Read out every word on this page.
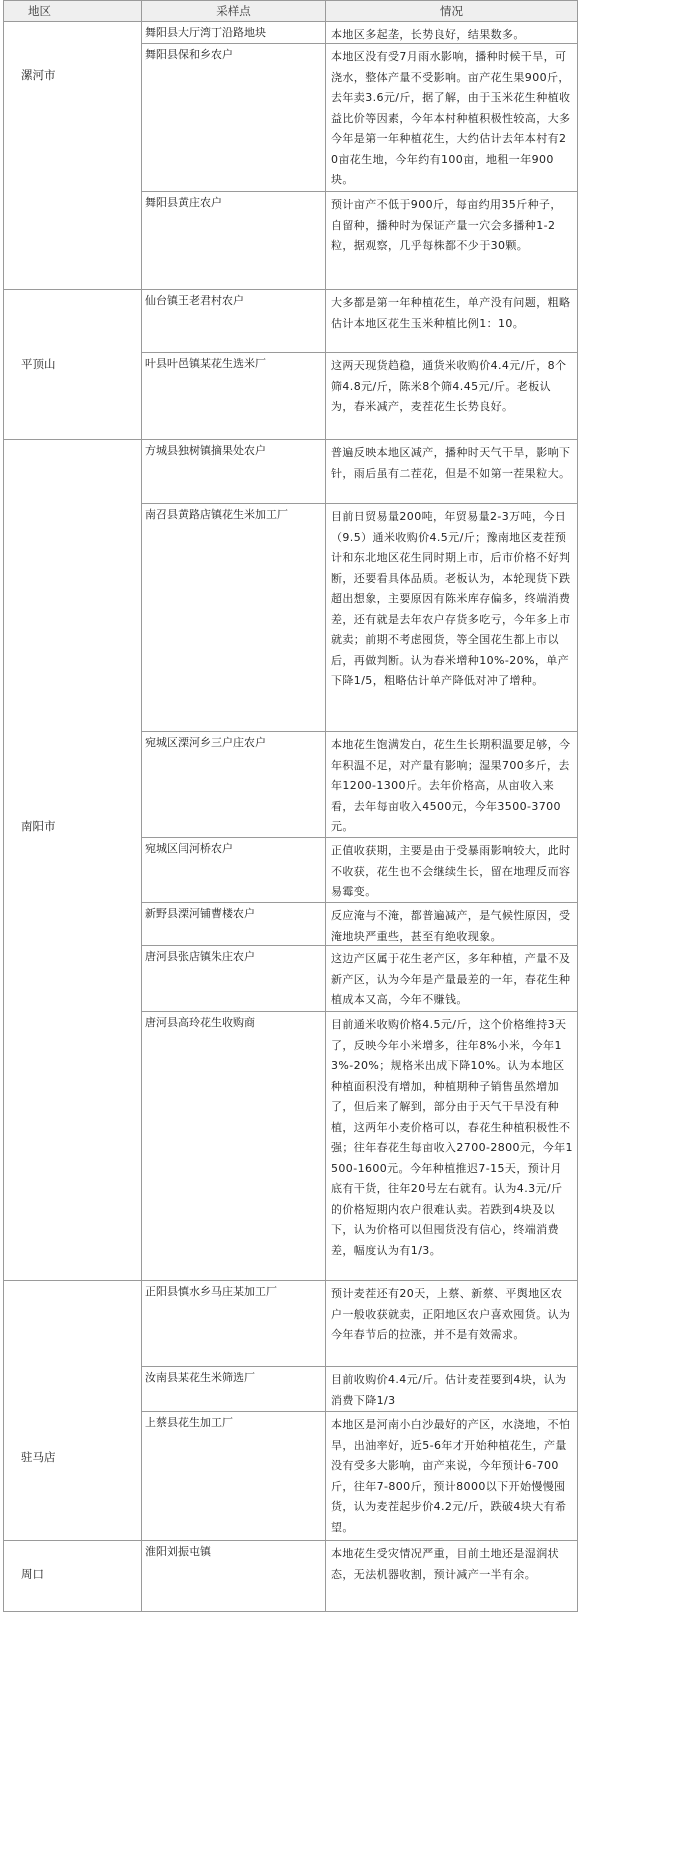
地区	采样点	情况
漯河市
舞阳县大厅湾丁沿路地块	本地区多起垄，长势良好，结果数多。
舞阳县保和乡农户	本地区没有受7月雨水影响，播种时候干旱，可浇水，整体产量不受影响。亩产花生果900斤，去年卖3.6元/斤，据了解，由于玉米花生种植收益比价等因素，今年本村种植积极性较高，大多今年是第一年种植花生，大约估计去年本村有20亩花生地，今年约有100亩，地租一年900块。
舞阳县黄庄农户	预计亩产不低于900斤，每亩约用35斤种子，自留种，播种时为保证产量一穴会多播种1-2粒，据观察，几乎每株都不少于30颗。
平顶山
仙台镇王老君村农户	大多都是第一年种植花生，单产没有问题，粗略估计本地区花生玉米种植比例1：10。
叶县叶邑镇某花生选米厂	这两天现货趋稳，通货米收购价4.4元/斤，8个筛4.8元/斤，陈米8个筛4.45元/斤。老板认为，春米减产，麦茬花生长势良好。
南阳市
方城县独树镇摘果处农户	普遍反映本地区减产，播种时天气干旱，影响下针，雨后虽有二茬花，但是不如第一茬果粒大。
南召县黄路店镇花生米加工厂	目前日贸易量200吨，年贸易量2-3万吨，今日（9.5）通米收购价4.5元/斤；豫南地区麦茬预计和东北地区花生同时期上市，后市价格不好判断，还要看具体品质。老板认为，本轮现货下跌超出想象，主要原因有陈米库存偏多，终端消费差，还有就是去年农户存货多吃亏，今年多上市就卖；前期不考虑囤货，等全国花生都上市以后，再做判断。认为春米增种10%-20%，单产下降1/5，粗略估计单产降低对冲了增种。
宛城区溧河乡三户庄农户	本地花生饱满发白，花生生长期积温要足够，今年积温不足，对产量有影响；湿果700多斤，去年1200-1300斤。去年价格高，从亩收入来看，去年每亩收入4500元，今年3500-3700元。
宛城区闫河桥农户	正值收获期，主要是由于受暴雨影响较大，此时不收获，花生也不会继续生长，留在地理反而容易霉变。
新野县溧河铺曹楼农户	反应淹与不淹，都普遍减产，是气候性原因，受淹地块严重些，甚至有绝收现象。
唐河县张店镇朱庄农户	这边产区属于花生老产区，多年种植，产量不及新产区，认为今年是产量最差的一年，春花生种植成本又高，今年不赚钱。
唐河县高玲花生收购商	目前通米收购价格4.5元/斤，这个价格维持3天了，反映今年小米增多，往年8%小米，今年13%-20%；规格米出成下降10%。认为本地区种植面积没有增加，种植期种子销售虽然增加了，但后来了解到，部分由于天气干旱没有种植，这两年小麦价格可以，春花生种植积极性不强；往年春花生每亩收入2700-2800元，今年1500-1600元。今年种植推迟7-15天，预计月底有干货，往年20号左右就有。认为4.3元/斤的价格短期内农户很难认卖。若跌到4块及以下，认为价格可以但囤货没有信心，终端消费差，幅度认为有1/3。
驻马店
正阳县慎水乡马庄某加工厂	预计麦茬还有20天，上蔡、新蔡、平舆地区农户一般收获就卖，正阳地区农户喜欢囤货。认为今年春节后的拉涨，并不是有效需求。
汝南县某花生米筛选厂	目前收购价4.4元/斤。估计麦茬要到4块，认为消费下降1/3
上蔡县花生加工厂	本地区是河南小白沙最好的产区，水浇地，不怕旱，出油率好，近5-6年才开始种植花生，产量没有受多大影响，亩产来说，今年预计6-700斤，往年7-800斤，预计8000以下开始慢慢囤货，认为麦茬起步价4.2元/斤，跌破4块大有希望。
周口
淮阳刘振屯镇	本地花生受灾情况严重，目前土地还是湿润状态，无法机器收割，预计减产一半有余。
